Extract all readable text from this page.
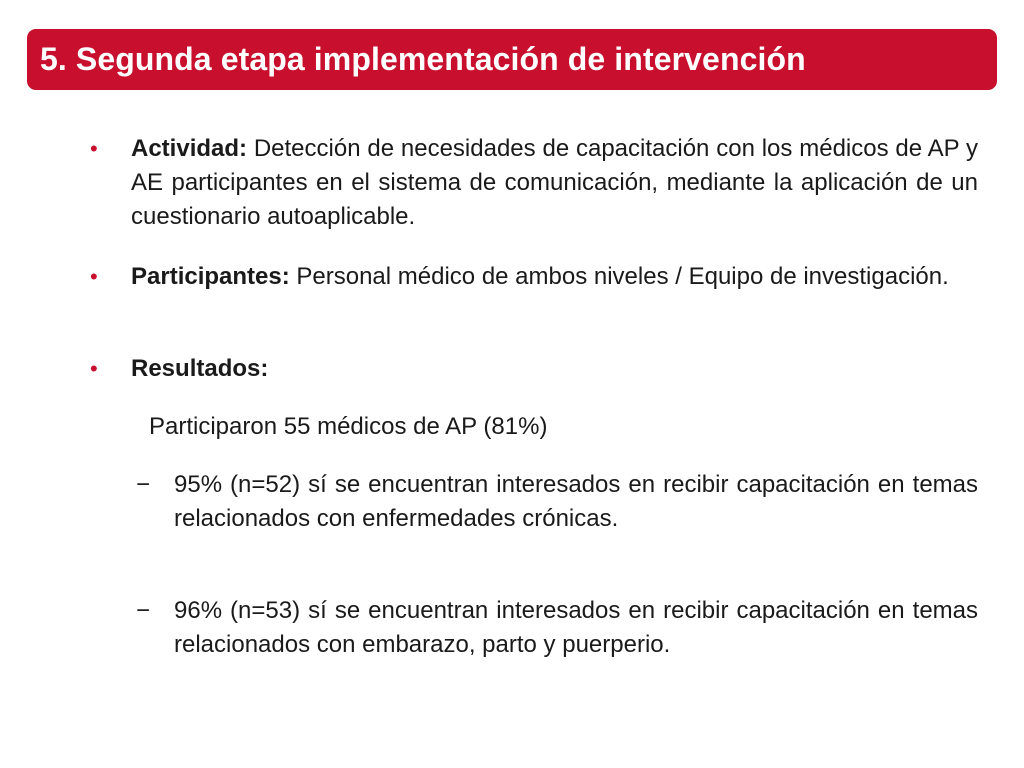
5. Segunda etapa implementación de intervención
• Actividad: Detección de necesidades de capacitación con los médicos de AP y AE participantes en el sistema de comunicación, mediante la aplicación de un cuestionario autoaplicable.
• Participantes: Personal médico de ambos niveles / Equipo de investigación.
• Resultados:
Participaron 55 médicos de AP (81%)
− 95% (n=52) sí se encuentran interesados en recibir capacitación en temas relacionados con enfermedades crónicas.
− 96% (n=53) sí se encuentran interesados en recibir capacitación en temas relacionados con embarazo, parto y puerperio.
